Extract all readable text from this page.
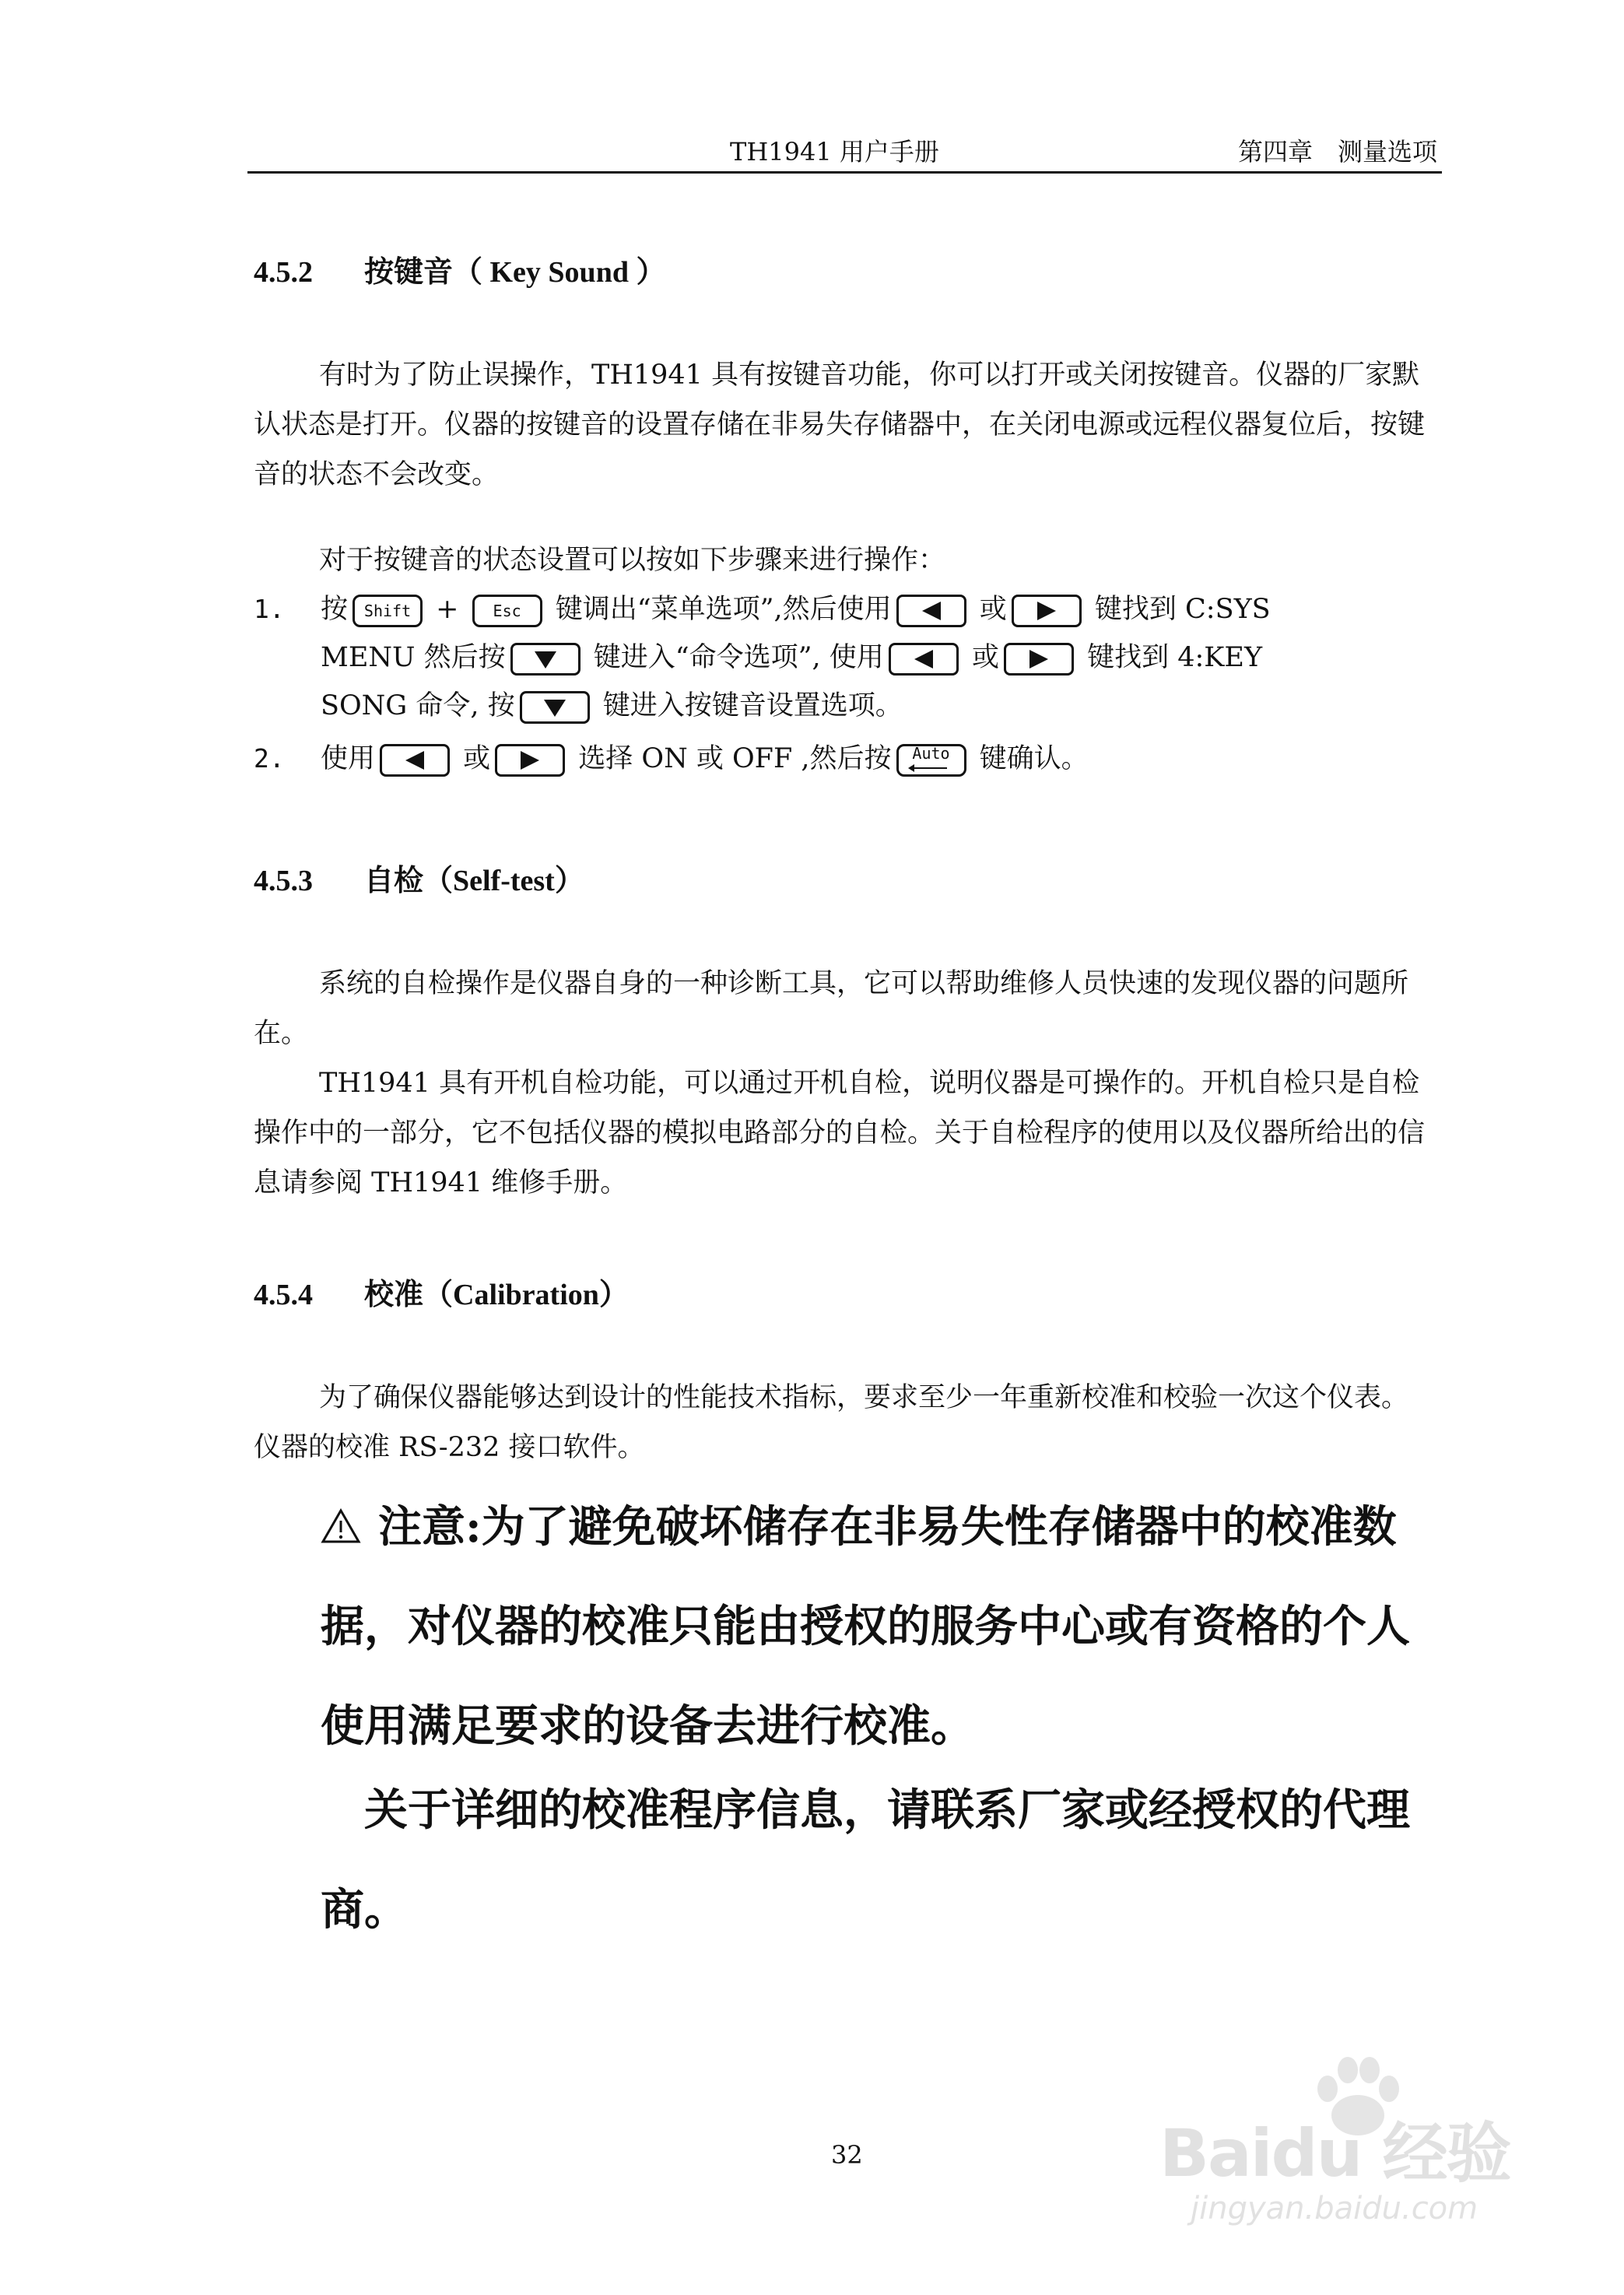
TH1941 用户手册	第四章　测量选项
4.5.2 按键音（ Key Sound ）
有时为了防止误操作，TH1941 具有按键音功能，你可以打开或关闭按键音。仪器的厂家默认状态是打开。仪器的按键音的设置存储在非易失存储器中，在关闭电源或远程仪器复位后，按键音的状态不会改变。
对于按键音的状态设置可以按如下步骤来进行操作：
1. 按 Shift + Esc 键调出“菜单选项”,然后使用	或	键找到 C:SYS
MENU 然后按	键进入“命令选项”, 使用	或	键找到 4:KEY
SONG 命令, 按	键进入按键音设置选项。
2. 使用	或	选择 ON 或 OFF ,然后按 Auto
键确认。
4.5.3 自检（Self-test）
系统的自检操作是仪器自身的一种诊断工具，它可以帮助维修人员快速的发现仪器的问题所在。
TH1941 具有开机自检功能，可以通过开机自检，说明仪器是可操作的。开机自检只是自检操作中的一部分，它不包括仪器的模拟电路部分的自检。关于自检程序的使用以及仪器所给出的信息请参阅 TH1941 维修手册。
4.5.4 校准（Calibration）
为了确保仪器能够达到设计的性能技术指标，要求至少一年重新校准和校验一次这个仪表。 仪器的校准 RS-232 接口软件。
注意:为了避免破坏储存在非易失性存储器中的校准数据，对仪器的校准只能由授权的服务中心或有资格的个人使用满足要求的设备去进行校准。
关于详细的校准程序信息，请联系厂家或经授权的代理商。
32	Baidu 经验
jingyan.baidu.com
